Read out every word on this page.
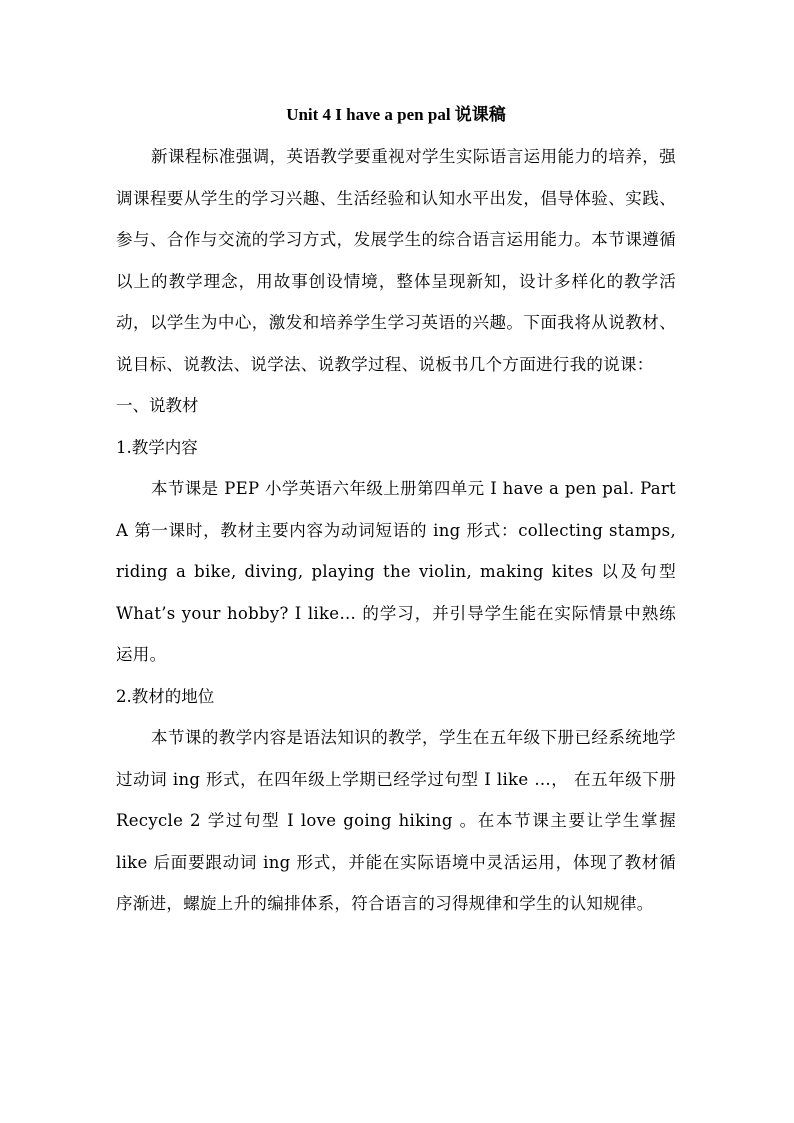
Unit 4 I have a pen pal 说课稿

新课程标准强调，英语教学要重视对学生实际语言运用能力的培养，强调课程要从学生的学习兴趣、生活经验和认知水平出发，倡导体验、实践、参与、合作与交流的学习方式，发展学生的综合语言运用能力。本节课遵循以上的教学理念，用故事创设情境，整体呈现新知，设计多样化的教学活动，以学生为中心，激发和培养学生学习英语的兴趣。下面我将从说教材、说目标、说教法、说学法、说教学过程、说板书几个方面进行我的说课：

一、说教材

1.教学内容

本节课是 PEP 小学英语六年级上册第四单元 I have a pen pal. Part A 第一课时，教材主要内容为动词短语的 ing 形式：collecting stamps, riding a bike, diving, playing the violin, making kites 以及句型 What’s your hobby? I like… 的学习，并引导学生能在实际情景中熟练运用。

2.教材的地位

本节课的教学内容是语法知识的教学，学生在五年级下册已经系统地学过动词 ing 形式，在四年级上学期已经学过句型 I like …， 在五年级下册 Recycle 2 学过句型 I love going hiking 。在本节课主要让学生掌握 like 后面要跟动词 ing 形式，并能在实际语境中灵活运用，体现了教材循序渐进，螺旋上升的编排体系，符合语言的习得规律和学生的认知规律。
